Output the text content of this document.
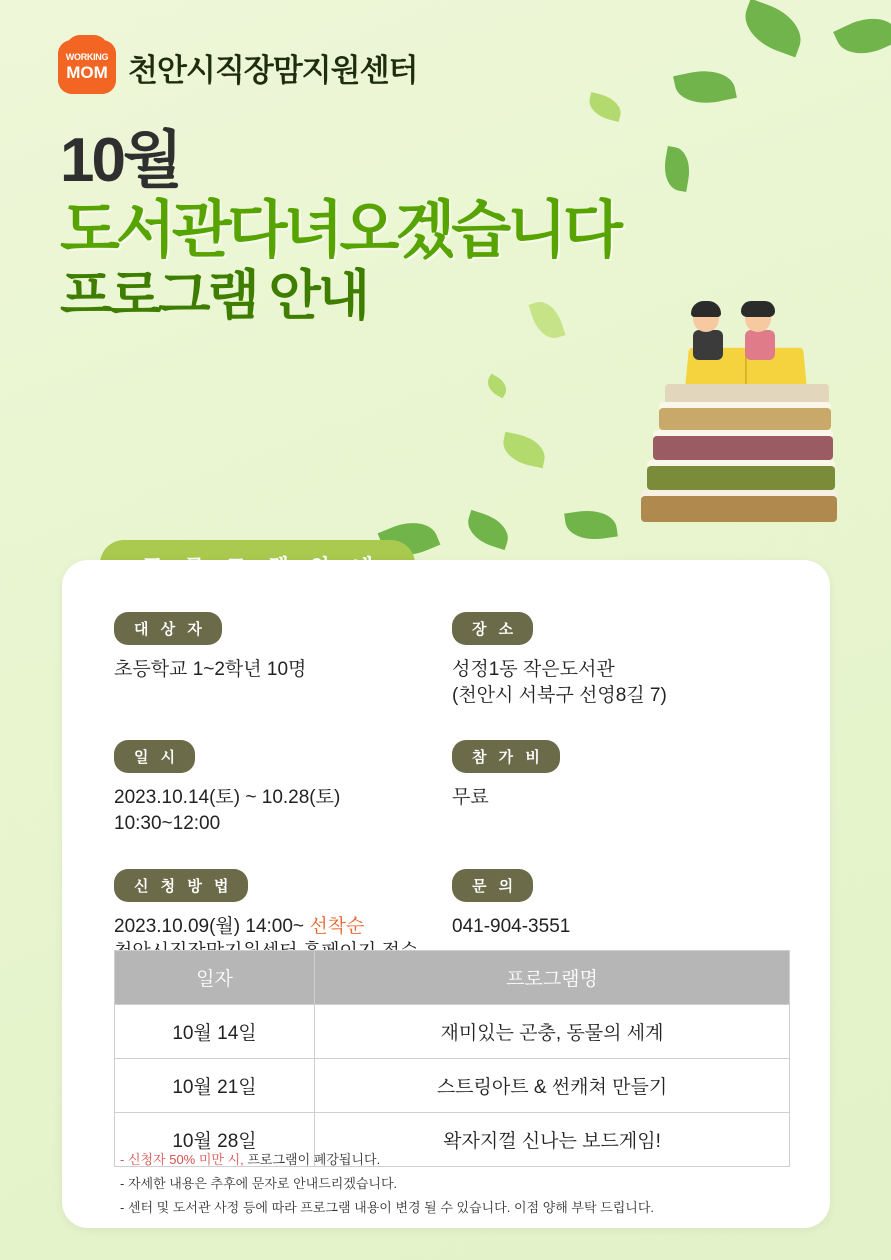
WORKING
MOM 천안시직장맘지원센터
10월
도서관다녀오겠습니다
프로그램 안내
대 상 자
초등학교 1~2학년 10명
장 소
성정1동 작은도서관
(천안시 서북구 선영8길 7)
일 시
2023.10.14(토) ~ 10.28(토)
10:30~12:00
참 가 비
무료
신 청 방 법
2023.10.09(월) 14:00~ 선착순
문 의
041-904-3551
일자	프로그램명
10월 14일	재미있는 곤충, 동물의 세계
10월 21일	스트링아트 & 썬캐쳐 만들기
10월 28일	왁자지껄 신나는 보드게임!
- 신청자 50% 미만 시, 프로그램이 폐강됩니다.
- 자세한 내용은 추후에 문자로 안내드리겠습니다.
- 센터 및 도서관 사정 등에 따라 프로그램 내용이 변경 될 수 있습니다. 이점 양해 부탁 드립니다.
